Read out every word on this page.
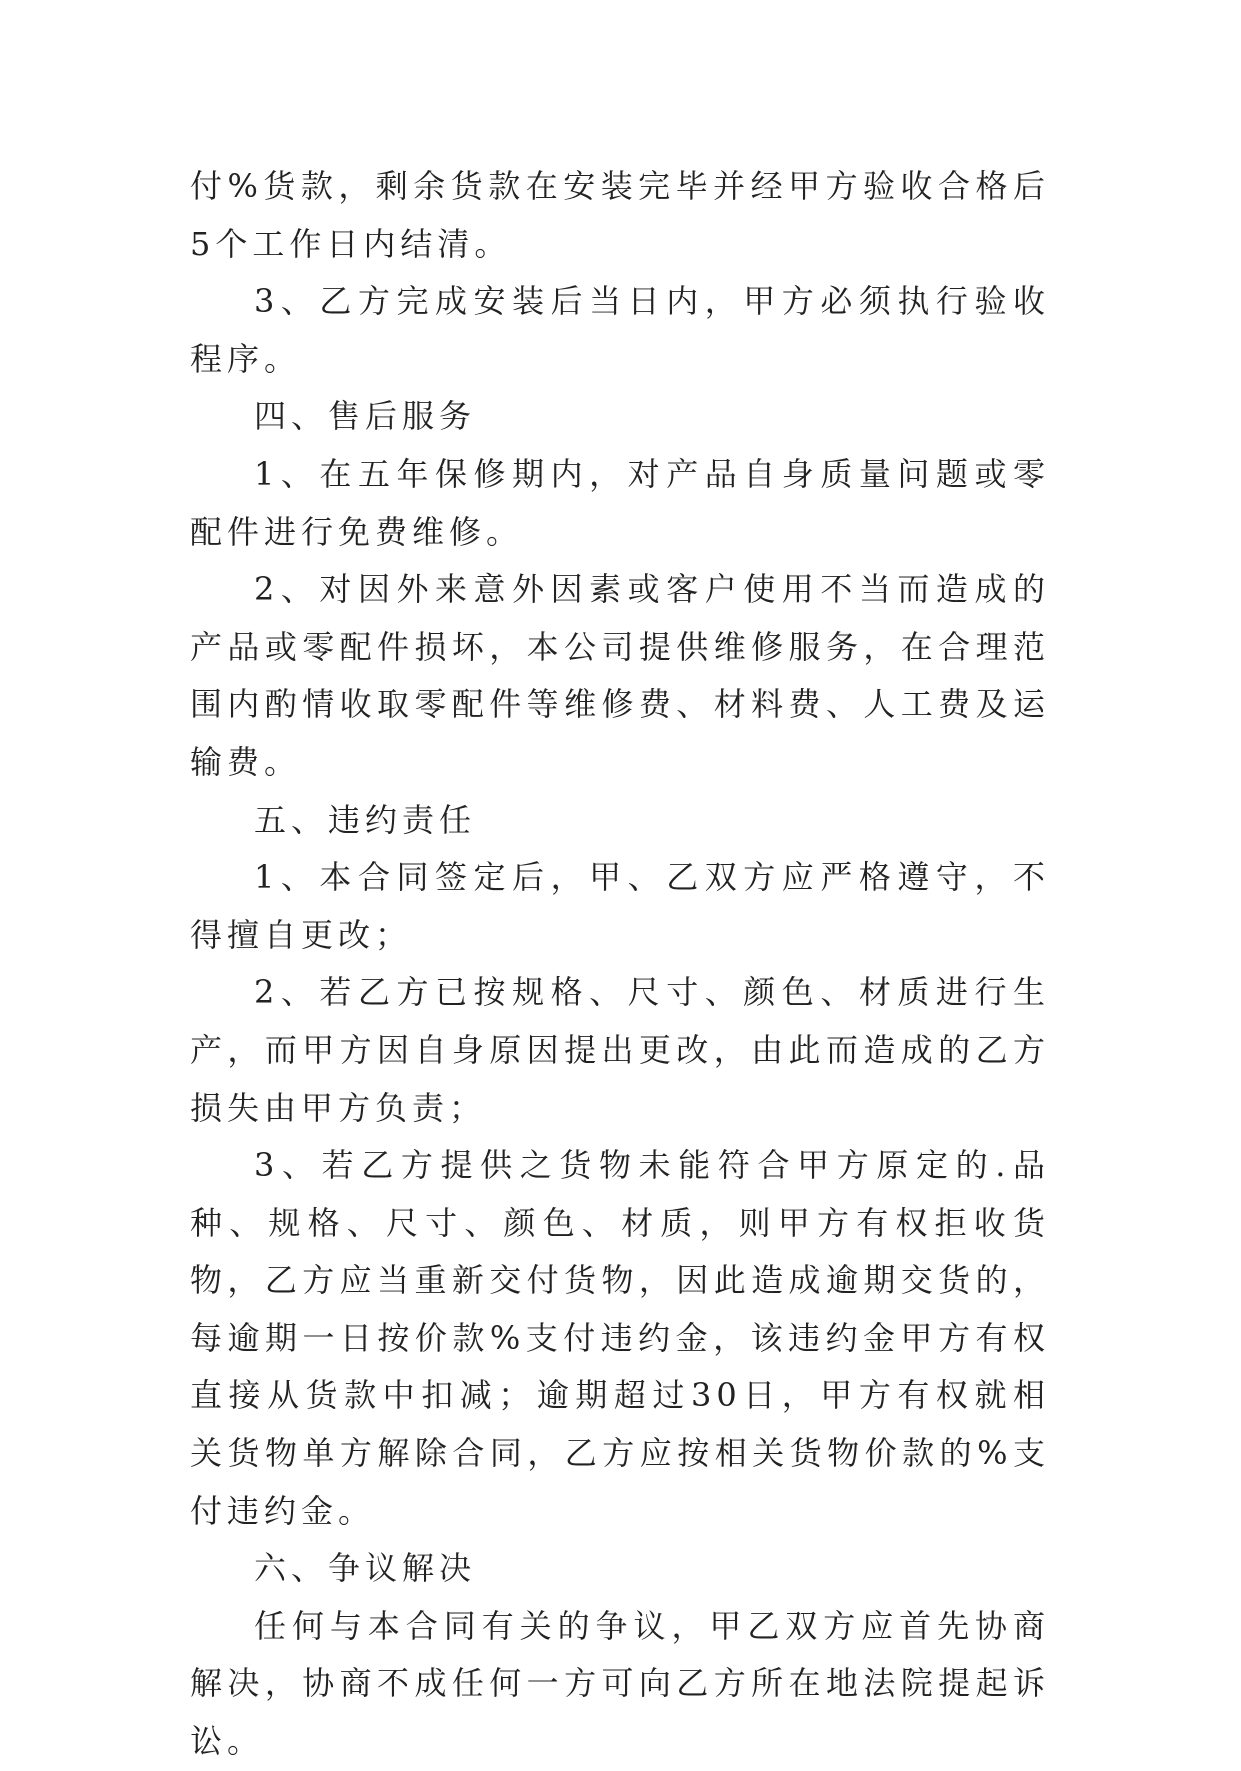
付%货款，剩余货款在安装完毕并经甲方验收合格后5个工作日内结清。

3、乙方完成安装后当日内，甲方必须执行验收程序。

四、售后服务

1、在五年保修期内，对产品自身质量问题或零配件进行免费维修。

2、对因外来意外因素或客户使用不当而造成的产品或零配件损坏，本公司提供维修服务，在合理范围内酌情收取零配件等维修费、材料费、人工费及运输费。

五、违约责任

1、本合同签定后，甲、乙双方应严格遵守，不得擅自更改；

2、若乙方已按规格、尺寸、颜色、材质进行生产，而甲方因自身原因提出更改，由此而造成的乙方损失由甲方负责；

3、若乙方提供之货物未能符合甲方原定的.品种、规格、尺寸、颜色、材质，则甲方有权拒收货物，乙方应当重新交付货物，因此造成逾期交货的，每逾期一日按价款%支付违约金，该违约金甲方有权直接从货款中扣减；逾期超过30日，甲方有权就相关货物单方解除合同，乙方应按相关货物价款的%支付违约金。

六、争议解决

任何与本合同有关的争议，甲乙双方应首先协商解决，协商不成任何一方可向乙方所在地法院提起诉讼。
